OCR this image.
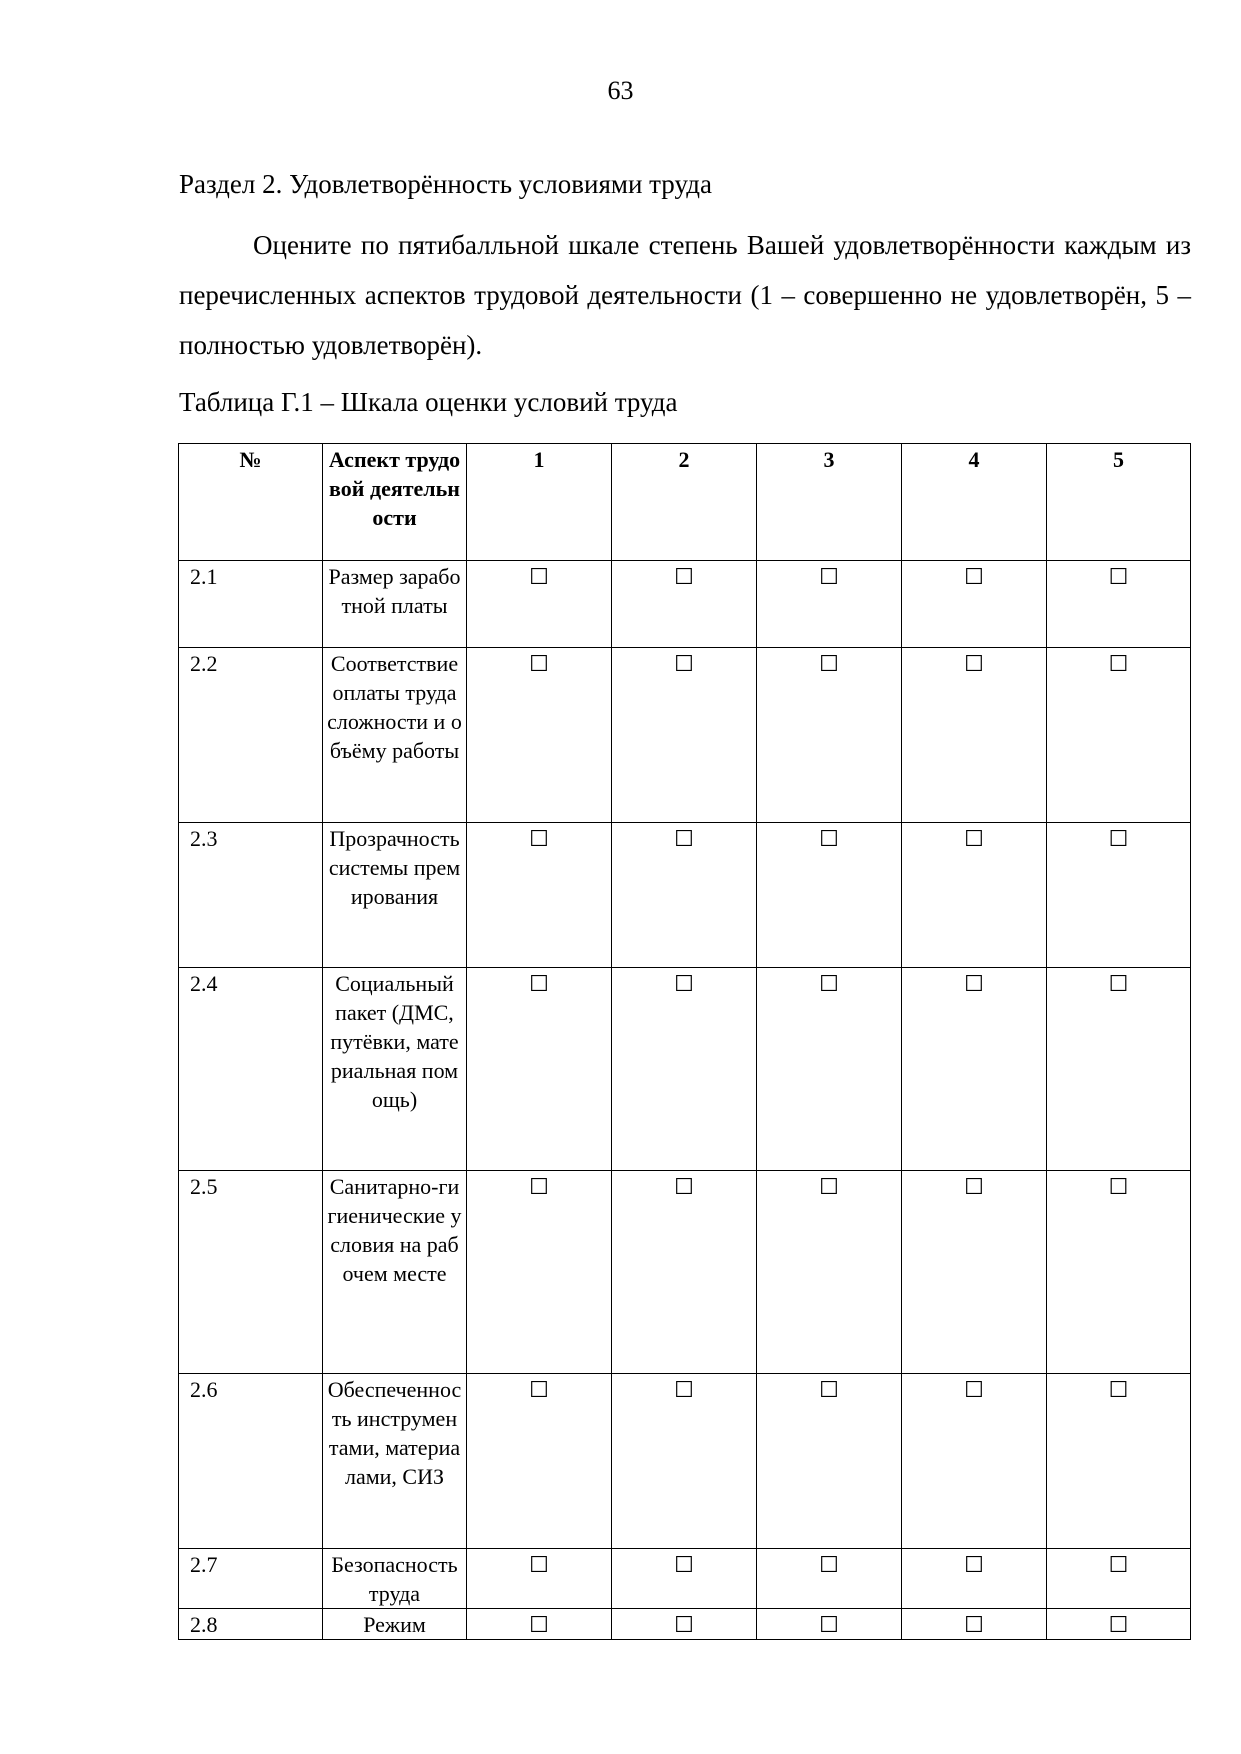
63
Раздел 2. Удовлетворённость условиями труда

Оцените по пятибалльной шкале степень Вашей удовлетворённости каждым из перечисленных аспектов трудовой деятельности (1 – совершенно не удовлетворён, 5 – полностью удовлетворён).

Таблица Г.1 – Шкала оценки условий труда
№	Аспект трудовой деятельности	1	2	3	4	5
2.1	Размер заработной платы	☐	☐	☐	☐	☐
2.2	Соответствие оплаты труда сложности и объёму работы	☐	☐	☐	☐	☐
2.3	Прозрачность системы премирования	☐	☐	☐	☐	☐
2.4	Социальный пакет (ДМС, путёвки, материальная помощь)	☐	☐	☐	☐	☐
2.5	Санитарно-гигиенические условия на рабочем месте	☐	☐	☐	☐	☐
2.6	Обеспеченность инструментами, материалами, СИЗ	☐	☐	☐	☐	☐
2.7	Безопасность труда	☐	☐	☐	☐	☐
2.8	Режим	☐	☐	☐	☐	☐
